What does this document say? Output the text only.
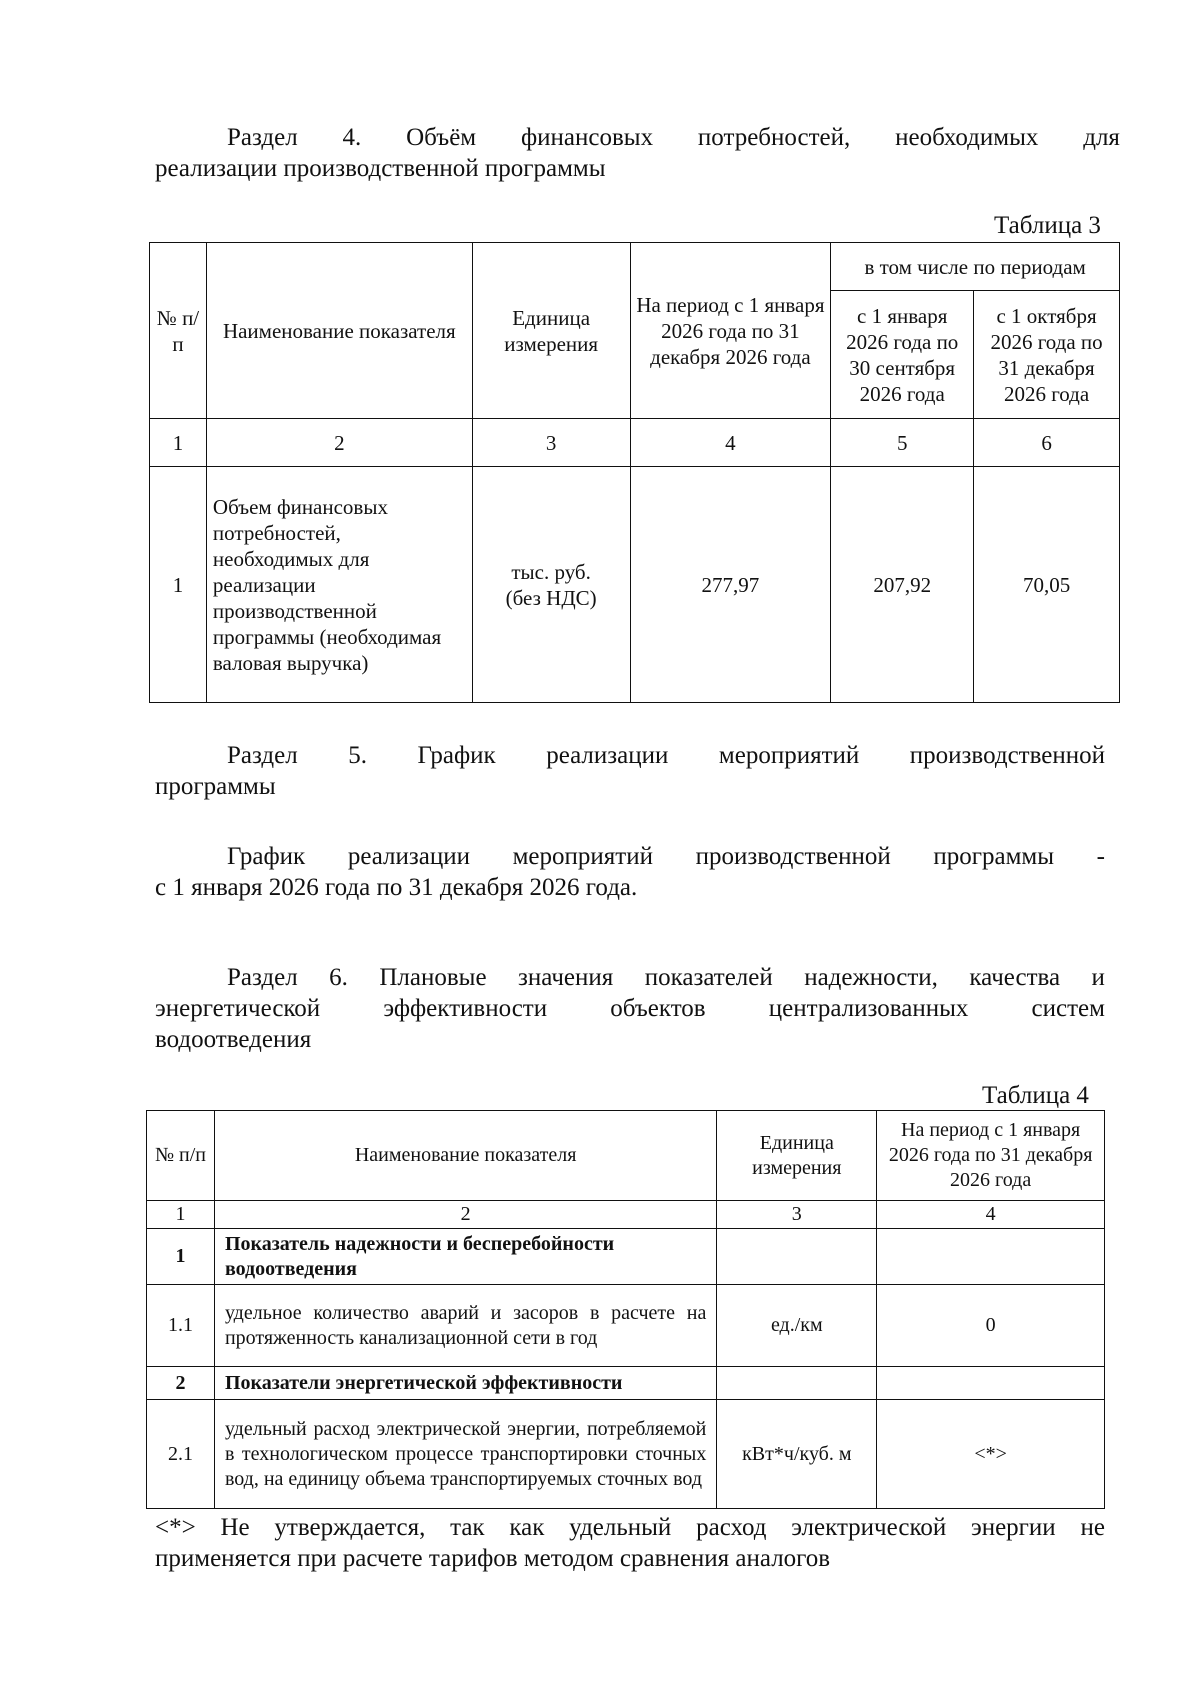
Раздел 4. Объём финансовых потребностей, необходимых для
реализации производственной программы
Таблица 3
№ п/п	Наименование показателя	Единица измерения	На период с 1 января 2026 года по 31 декабря 2026 года	в том числе по периодам	
				с 1 января 2026 года по 30 сентября 2026 года	с 1 октября 2026 года по 31 декабря 2026 года
1	2	3	4	5	6
1	Объем финансовых потребностей, необходимых для реализации производственной программы (необходимая валовая выручка)	тыс. руб. (без НДС)	277,97	207,92	70,05
Раздел 5. График реализации мероприятий производственной
программы
График реализации мероприятий производственной программы -
с 1 января 2026 года по 31 декабря 2026 года.
Раздел 6. Плановые значения показателей надежности, качества и
энергетической	эффективности	объектов	централизованных	систем
водоотведения
Таблица 4
№ п/п	Наименование показателя	Единица измерения	На период с 1 января 2026 года по 31 декабря 2026 года
1	2	3	4
1	Показатель надежности и бесперебойности водоотведения		
1.1	удельное количество аварий и засоров в расчете на протяженность канализационной сети в год	ед./км	0
2	Показатели энергетической эффективности		
2.1	удельный расход электрической энергии, потребляемой в технологическом процессе транспортировки сточных вод, на единицу объема транспортируемых сточных вод	кВт*ч/куб. м	<*>
<*> Не утверждается, так как удельный расход электрической энергии не
применяется при расчете тарифов методом сравнения аналогов
